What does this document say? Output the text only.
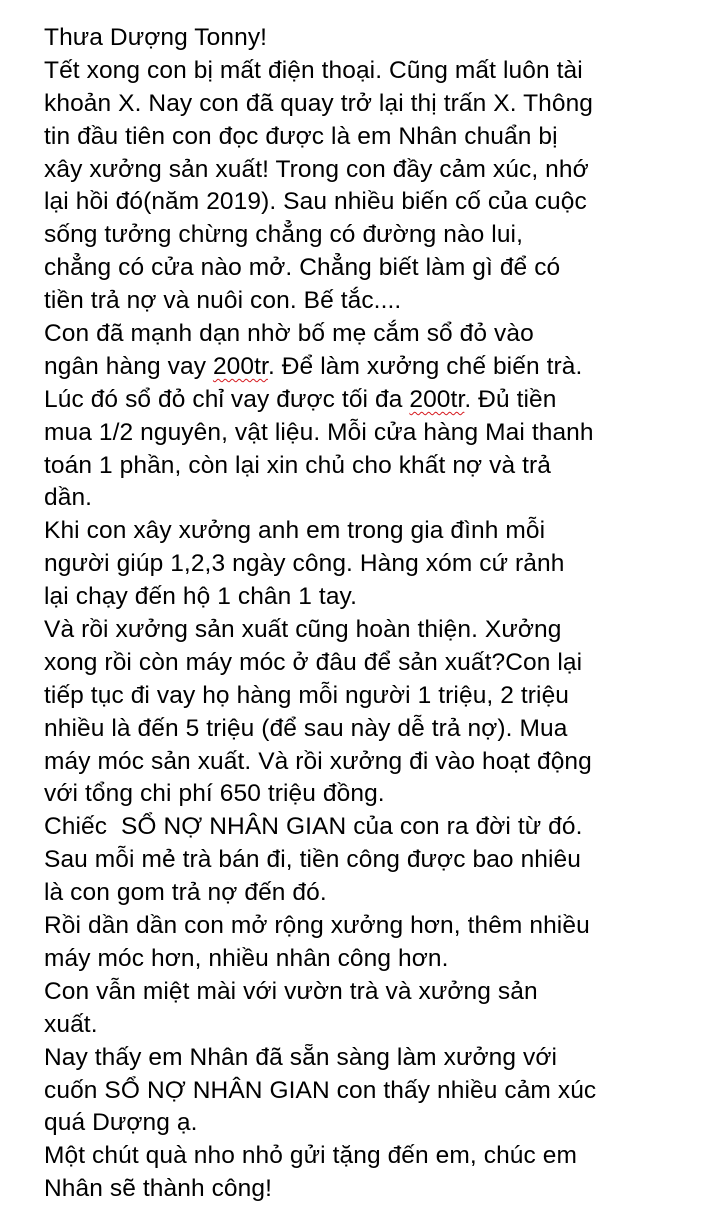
Thưa Dượng Tonny!
Tết xong con bị mất điện thoại. Cũng mất luôn tài
khoản X. Nay con đã quay trở lại thị trấn X. Thông
tin đầu tiên con đọc được là em Nhân chuẩn bị
xây xưởng sản xuất! Trong con đầy cảm xúc, nhớ
lại hồi đó(năm 2019). Sau nhiều biến cố của cuộc
sống tưởng chừng chẳng có đường nào lui,
chẳng có cửa nào mở. Chẳng biết làm gì để có
tiền trả nợ và nuôi con. Bế tắc....
Con đã mạnh dạn nhờ bố mẹ cắm sổ đỏ vào
ngân hàng vay 200tr. Để làm xưởng chế biến trà.
Lúc đó sổ đỏ chỉ vay được tối đa 200tr. Đủ tiền
mua 1/2 nguyên, vật liệu. Mỗi cửa hàng Mai thanh
toán 1 phần, còn lại xin chủ cho khất nợ và trả
dần.
Khi con xây xưởng anh em trong gia đình mỗi
người giúp 1,2,3 ngày công. Hàng xóm cứ rảnh
lại chạy đến hộ 1 chân 1 tay.
Và rồi xưởng sản xuất cũng hoàn thiện. Xưởng
xong rồi còn máy móc ở đâu để sản xuất?Con lại
tiếp tục đi vay họ hàng mỗi người 1 triệu, 2 triệu
nhiều là đến 5 triệu (để sau này dễ trả nợ). Mua
máy móc sản xuất. Và rồi xưởng đi vào hoạt động
với tổng chi phí 650 triệu đồng.
Chiếc  SỔ NỢ NHÂN GIAN của con ra đời từ đó.
Sau mỗi mẻ trà bán đi, tiền công được bao nhiêu
là con gom trả nợ đến đó.
Rồi dần dần con mở rộng xưởng hơn, thêm nhiều
máy móc hơn, nhiều nhân công hơn.
Con vẫn miệt mài với vườn trà và xưởng sản
xuất.
Nay thấy em Nhân đã sẵn sàng làm xưởng với
cuốn SỔ NỢ NHÂN GIAN con thấy nhiều cảm xúc
quá Dượng ạ.
Một chút quà nho nhỏ gửi tặng đến em, chúc em
Nhân sẽ thành công!
